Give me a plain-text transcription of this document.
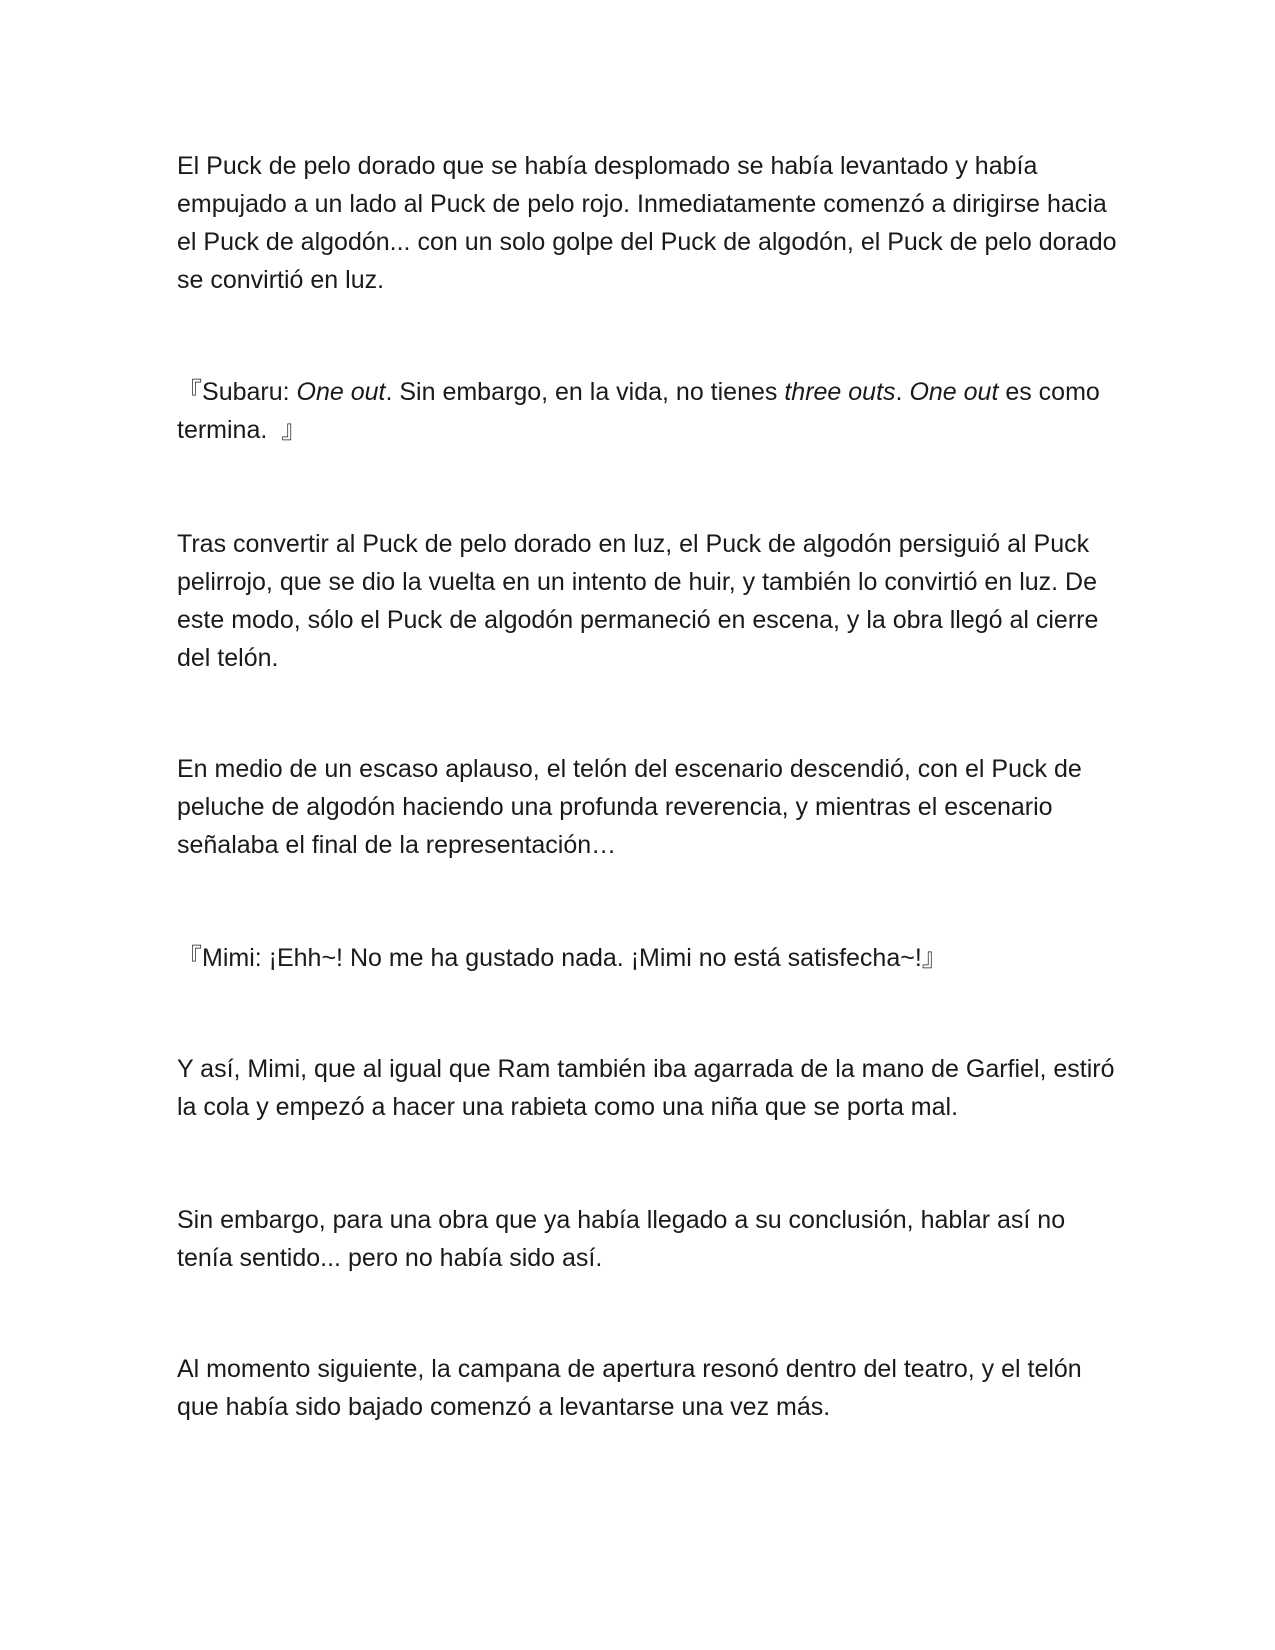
El Puck de pelo dorado que se había desplomado se había levantado y había empujado a un lado al Puck de pelo rojo. Inmediatamente comenzó a dirigirse hacia el Puck de algodón... con un solo golpe del Puck de algodón, el Puck de pelo dorado se convirtió en luz.

『Subaru: One out. Sin embargo, en la vida, no tienes three outs. One out es como termina. 』

Tras convertir al Puck de pelo dorado en luz, el Puck de algodón persiguió al Puck pelirrojo, que se dio la vuelta en un intento de huir, y también lo convirtió en luz. De este modo, sólo el Puck de algodón permaneció en escena, y la obra llegó al cierre del telón.

En medio de un escaso aplauso, el telón del escenario descendió, con el Puck de peluche de algodón haciendo una profunda reverencia, y mientras el escenario señalaba el final de la representación…

『Mimi: ¡Ehh~! No me ha gustado nada. ¡Mimi no está satisfecha~!』

Y así, Mimi, que al igual que Ram también iba agarrada de la mano de Garfiel, estiró la cola y empezó a hacer una rabieta como una niña que se porta mal.

Sin embargo, para una obra que ya había llegado a su conclusión, hablar así no tenía sentido... pero no había sido así.

Al momento siguiente, la campana de apertura resonó dentro del teatro, y el telón que había sido bajado comenzó a levantarse una vez más.
